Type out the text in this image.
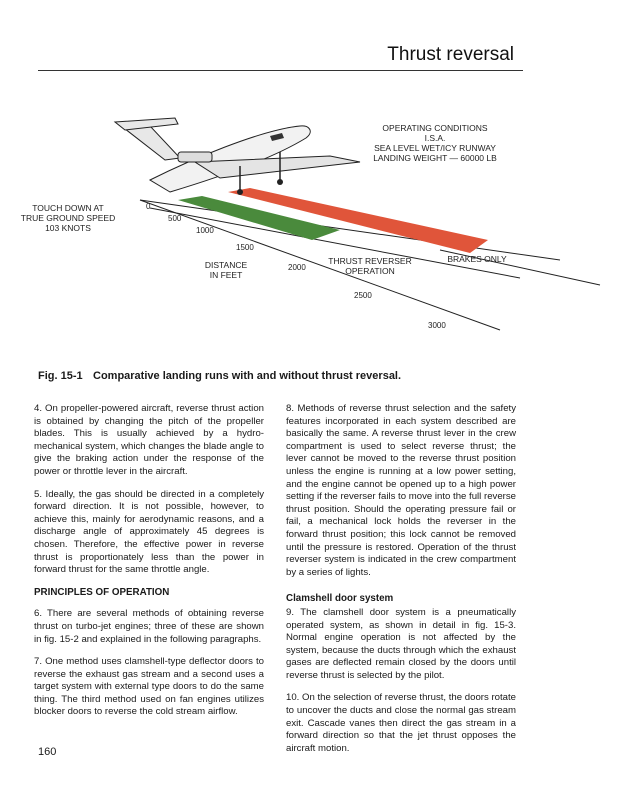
Thrust reversal
OPERATING CONDITIONS
I.S.A.
SEA LEVEL WET/ICY RUNWAY
LANDING WEIGHT — 60000 LB
TOUCH DOWN AT
TRUE GROUND SPEED
103 KNOTS
DISTANCE
IN FEET
THRUST REVERSER
OPERATION
BRAKES ONLY
0
500
1000
1500
2000
2500
3000
Fig. 15-1 Comparative landing runs with and without thrust reversal.

4. On propeller-powered aircraft, reverse thrust action is obtained by changing the pitch of the propeller blades. This is usually achieved by a hydro-mechanical system, which changes the blade angle to give the braking action under the response of the power or throttle lever in the aircraft.

5. Ideally, the gas should be directed in a completely forward direction. It is not possible, however, to achieve this, mainly for aerodynamic reasons, and a discharge angle of approximately 45 degrees is chosen. Therefore, the effective power in reverse thrust is proportionately less than the power in forward thrust for the same throttle angle.

PRINCIPLES OF OPERATION

6. There are several methods of obtaining reverse thrust on turbo-jet engines; three of these are shown in fig. 15-2 and explained in the following paragraphs.

7. One method uses clamshell-type deflector doors to reverse the exhaust gas stream and a second uses a target system with external type doors to do the same thing. The third method used on fan engines utilizes blocker doors to reverse the cold stream airflow.

8. Methods of reverse thrust selection and the safety features incorporated in each system described are basically the same. A reverse thrust lever in the crew compartment is used to select reverse thrust; the lever cannot be moved to the reverse thrust position unless the engine is running at a low power setting, and the engine cannot be opened up to a high power setting if the reverser fails to move into the full reverse thrust position. Should the operating pressure fail or fail, a mechanical lock holds the reverser in the forward thrust position; this lock cannot be removed until the pressure is restored. Operation of the thrust reverser system is indicated in the crew compartment by a series of lights.

Clamshell door system

9. The clamshell door system is a pneumatically operated system, as shown in detail in fig. 15-3. Normal engine operation is not affected by the system, because the ducts through which the exhaust gases are deflected remain closed by the doors until reverse thrust is selected by the pilot.

10. On the selection of reverse thrust, the doors rotate to uncover the ducts and close the normal gas stream exit. Cascade vanes then direct the gas stream in a forward direction so that the jet thrust opposes the aircraft motion.

160
